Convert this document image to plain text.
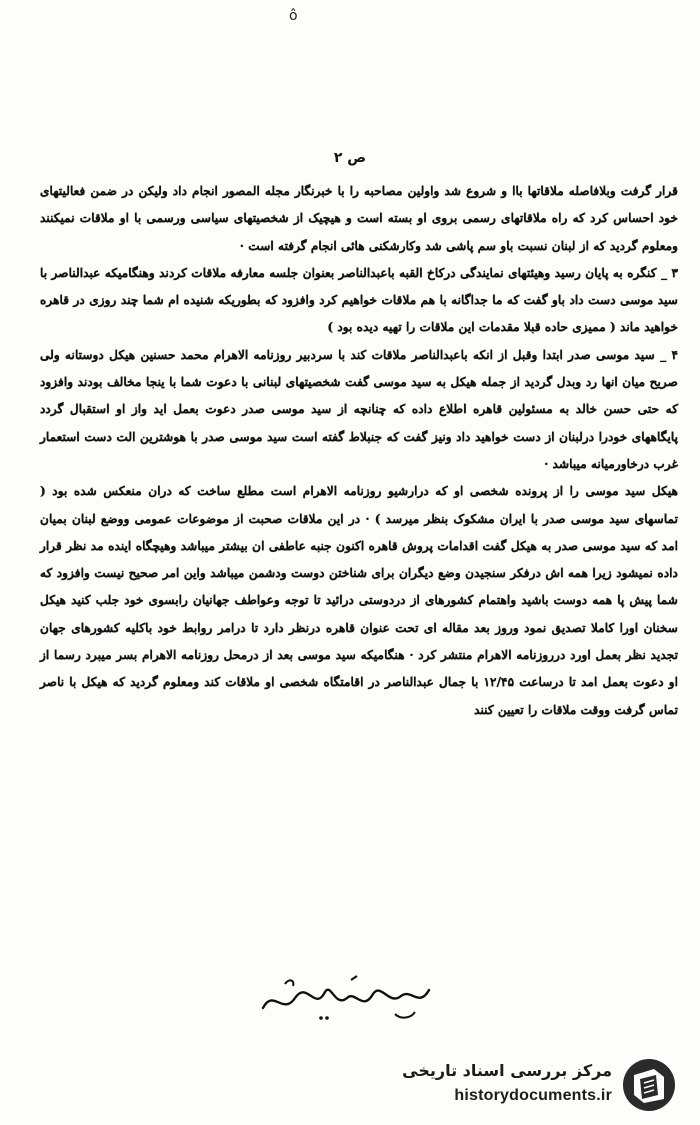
ô
ص ۲

قرار گرفت وبلافاصله ملاقاتها باا و شروع شد واولین مصاحبه را با خبرنگار مجله المصور انجام داد ولیکن در ضمن فعالیتهای خود احساس کرد که راه ملاقاتهای رسمی بروی او بسته است و هیچیک از شخصیتهای سیاسی ورسمی با او ملاقات نمیکنند ومعلوم گردید که از لبنان نسبت باو سم پاشی شد وکارشکنی هائی انجام گرفته است ·

۳ _ کنگره به پایان رسید وهیئتهای نمایندگی درکاخ القبه باعبدالناصر بعنوان جلسه معارفه ملاقات کردند وهنگامیکه عبدالناصر با سید موسی دست داد باو گفت که ما جداگانه با هم ملاقات خواهیم کرد وافزود که بطوریکه شنیده ام شما چند روزی در قاهره خواهید ماند ( ممیزی حاده قبلا مقدمات این ملاقات را تهیه دیده بود )

۴ _ سید موسی صدر ابتدا وقبل از انکه باعبدالناصر ملاقات کند با سردبیر روزنامه الاهرام محمد حسنین هیکل دوستانه ولی صریح میان انها رد وبدل گردید از جمله هیکل به سید موسی گفت شخصیتهای لبنانی با دعوت شما با ینجا مخالف بودند وافزود که حتی حسن خالد به مسئولین قاهره اطلاع داده که چنانچه از سید موسی صدر دعوت بعمل اید واز او استقبال گردد پایگاههای خودرا درلبنان از دست خواهید داد ونیز گفت که جنبلاط گفته است سید موسی صدر با هوشترین الت دست استعمار غرب درخاورمیانه میباشد ·

هیکل سید موسی را از پرونده شخصی او که درارشیو روزنامه الاهرام است مطلع ساخت که دران منعکس شده بود ( تماسهای سید موسی صدر با ایران مشکوک بنظر میرسد ) · در این ملاقات صحبت از موضوعات عمومی ووضع لبنان بمیان امد که سید موسی صدر به هیکل گفت اقدامات پروش قاهره اکنون جنبه عاطفی ان بیشتر میباشد وهیچگاه اینده مد نظر قرار داده نمیشود زیرا همه اش درفکر سنجیدن وضع دیگران برای شناختن دوست ودشمن میباشد واین امر صحیح نیست وافزود که شما پیش پا همه دوست باشید واهتمام کشورهای از دردوستی درائید تا توجه وعواطف جهانیان رابسوی خود جلب کنید هیکل سخنان اورا کاملا تصدیق نمود وروز بعد مقاله ای تحت عنوان قاهره درنظر دارد تا درامر روابط خود باکلیه کشورهای جهان تجدید نظر بعمل اورد درروزنامه الاهرام منتشر کرد · هنگامیکه سید موسی بعد از درمحل روزنامه الاهرام بسر میبرد رسما از او دعوت بعمل امد تا درساعت ۱۲/۴۵ با جمال عبدالناصر در اقامتگاه شخصی او ملاقات کند ومعلوم گردید که هیکل با ناصر تماس گرفت ووقت ملاقات را تعیین کنند

مرکز بررسی اسناد تاریخی
historydocuments.ir
